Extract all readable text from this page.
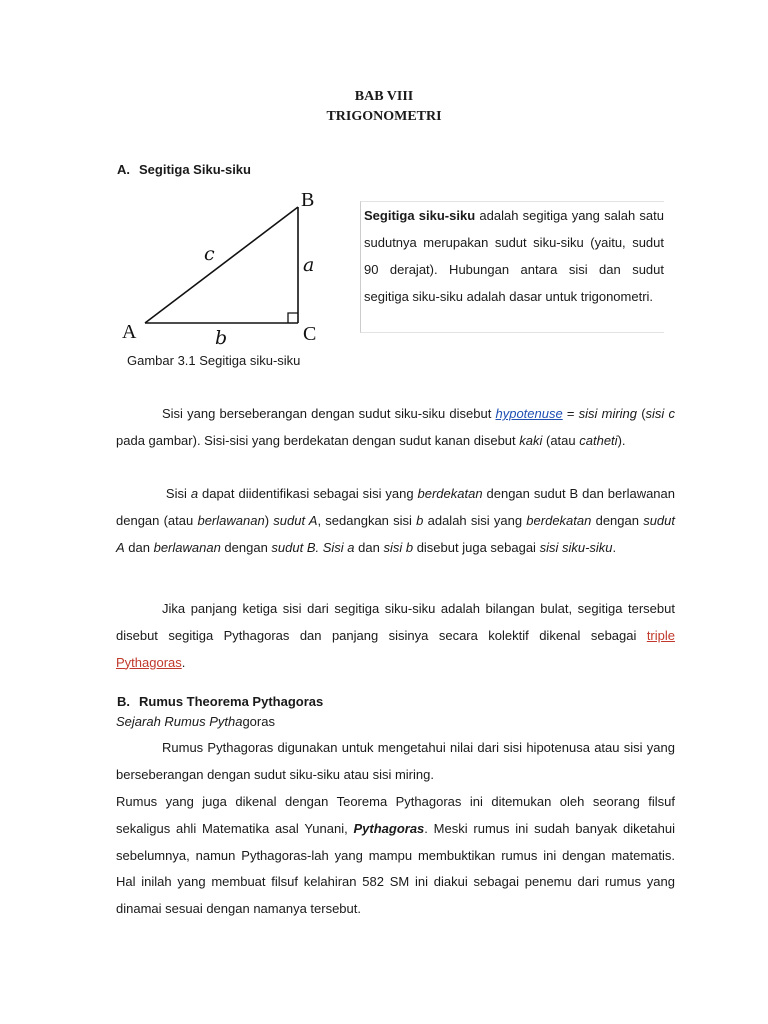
BAB VIII
TRIGONOMETRI
A. Segitiga Siku-siku
A
B
C
a
b
c
Gambar 3.1 Segitiga siku-siku
Segitiga siku-siku adalah segitiga yang salah satu sudutnya merupakan sudut siku-siku (yaitu, sudut 90 derajat). Hubungan antara sisi dan sudut segitiga siku-siku adalah dasar untuk trigonometri.
Sisi yang berseberangan dengan sudut siku-siku disebut hypotenuse = sisi miring (sisi c pada gambar). Sisi-sisi yang berdekatan dengan sudut kanan disebut kaki (atau catheti).
Sisi a dapat diidentifikasi sebagai sisi yang berdekatan dengan sudut B dan berlawanan dengan (atau berlawanan) sudut A, sedangkan sisi b adalah sisi yang berdekatan dengan sudut A dan berlawanan dengan sudut B. Sisi a dan sisi b disebut juga sebagai sisi siku-siku.
Jika panjang ketiga sisi dari segitiga siku-siku adalah bilangan bulat, segitiga tersebut disebut segitiga Pythagoras dan panjang sisinya secara kolektif dikenal sebagai triple Pythagoras.
B. Rumus Theorema Pythagoras
Sejarah Rumus Pythagoras
Rumus Pythagoras digunakan untuk mengetahui nilai dari sisi hipotenusa atau sisi yang berseberangan dengan sudut siku-siku atau sisi miring.
Rumus yang juga dikenal dengan Teorema Pythagoras ini ditemukan oleh seorang filsuf sekaligus ahli Matematika asal Yunani, Pythagoras. Meski rumus ini sudah banyak diketahui sebelumnya, namun Pythagoras-lah yang mampu membuktikan rumus ini dengan matematis. Hal inilah yang membuat filsuf kelahiran 582 SM ini diakui sebagai penemu dari rumus yang dinamai sesuai dengan namanya tersebut.
